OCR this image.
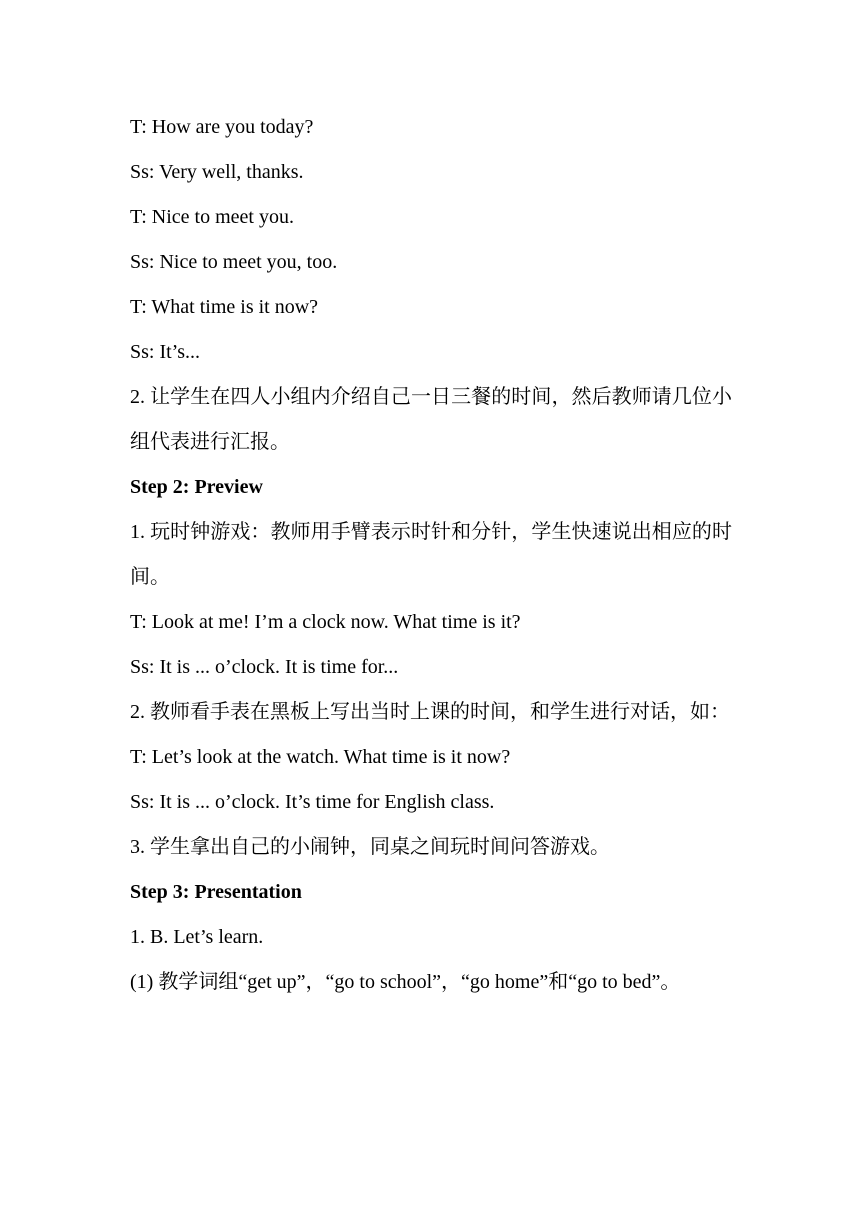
T: How are you today?
Ss: Very well, thanks.
T: Nice to meet you.
Ss: Nice to meet you, too.
T: What time is it now?
Ss: It’s...
2. 让学生在四人小组内介绍自己一日三餐的时间，然后教师请几位小组代表进行汇报。
Step 2: Preview
1. 玩时钟游戏：教师用手臂表示时针和分针，学生快速说出相应的时间。
T: Look at me! I’m a clock now. What time is it?
Ss: It is ... o’clock. It is time for...
2. 教师看手表在黑板上写出当时上课的时间，和学生进行对话，如：
T: Let’s look at the watch. What time is it now?
Ss: It is ... o’clock. It’s time for English class.
3. 学生拿出自己的小闹钟，同桌之间玩时间问答游戏。
Step 3: Presentation
1. B. Let’s learn.
(1) 教学词组“get up”，“go to school”，“go home”和“go to bed”。
